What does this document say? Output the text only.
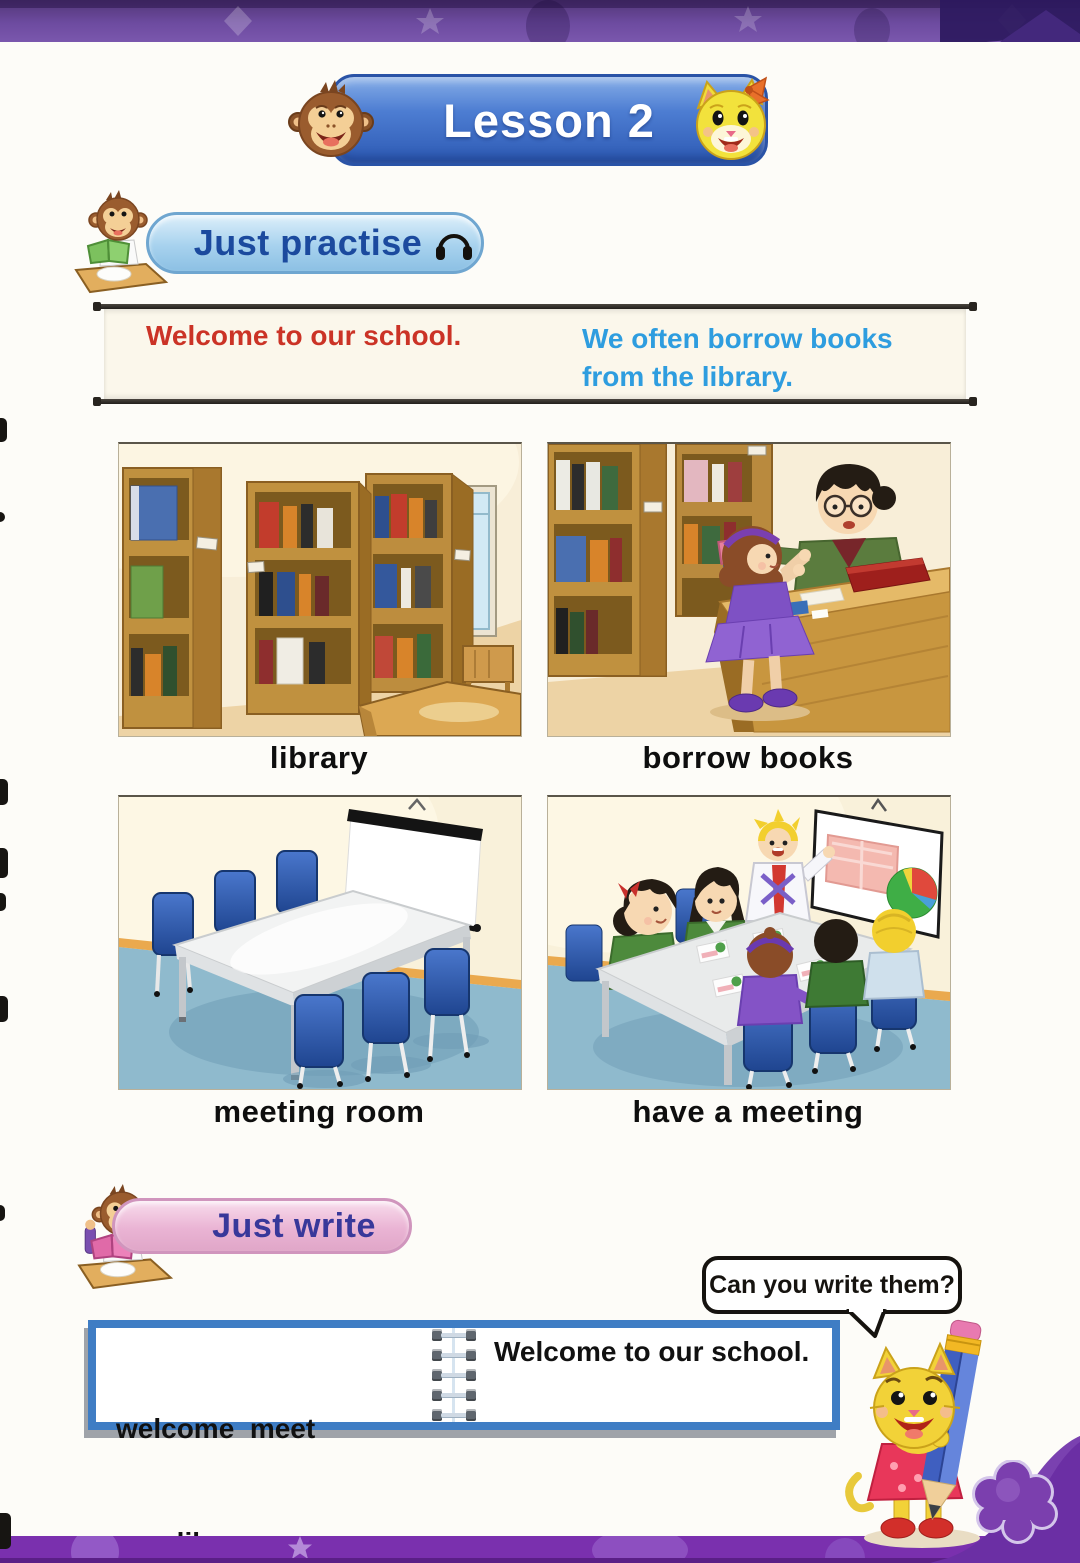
Lesson 2
Just practise
Welcome to our school.	We often borrow books
from the library.
library	borrow books
meeting room	have a meeting
Just write
Can you write them?

welcome  meet

Welcome to our school.
